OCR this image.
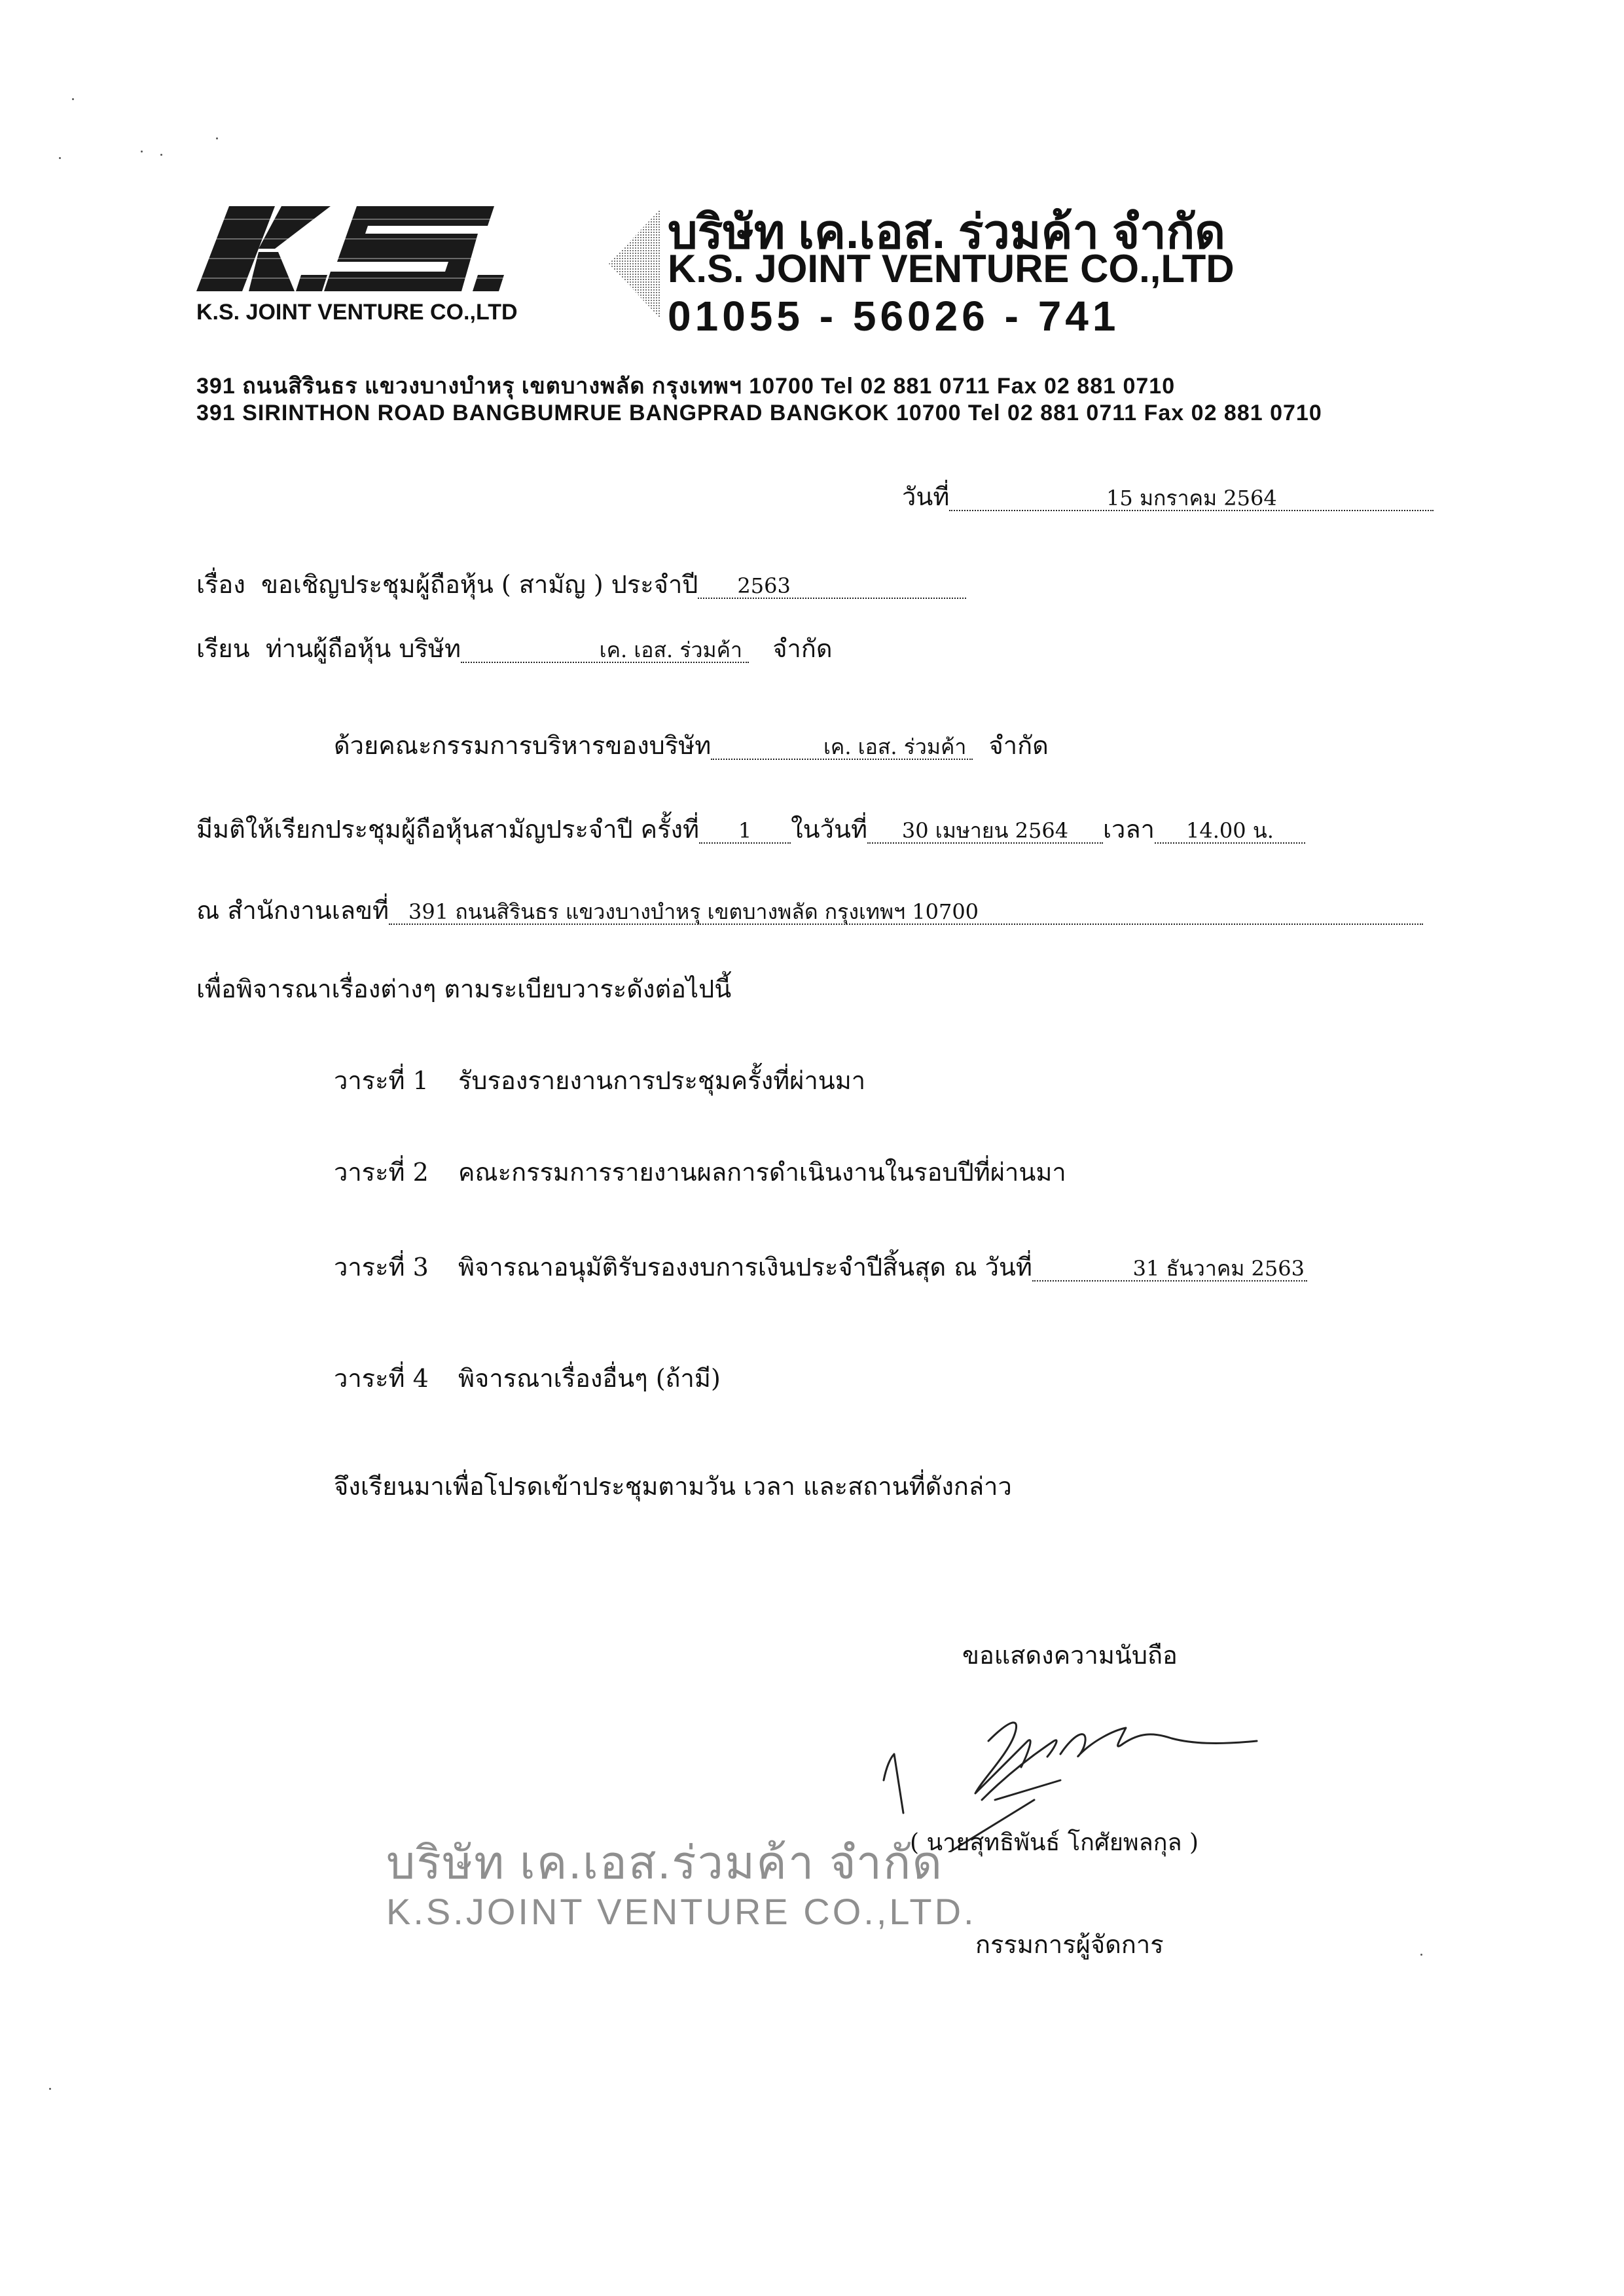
K.S.
K.S. JOINT VENTURE CO.,LTD
บริษัท เค.เอส. ร่วมค้า จำกัด
K.S. JOINT VENTURE CO.,LTD
01055 - 56026 - 741
391 ถนนสิรินธร แขวงบางบำหรุ เขตบางพลัด กรุงเทพฯ 10700 Tel 02 881 0711 Fax 02 881 0710
391 SIRINTHON ROAD BANGBUMRUE BANGPRAD BANGKOK 10700 Tel 02 881 0711 Fax 02 881 0710
วันที่	15 มกราคม 2564
เรื่อง ขอเชิญประชุมผู้ถือหุ้น ( สามัญ ) ประจำปี 2563
เรียน ท่านผู้ถือหุ้น บริษัท	เค. เอส. ร่วมค้า จำกัด
ด้วยคณะกรรมการบริหารของบริษัท	เค. เอส. ร่วมค้า จำกัด
มีมติให้เรียกประชุมผู้ถือหุ้นสามัญประจำปี ครั้งที่ 1 ในวันที่ 30 เมษายน 2564 เวลา 14.00 น.
ณ สำนักงานเลขที่ 391 ถนนสิรินธร แขวงบางบำหรุ เขตบางพลัด กรุงเทพฯ 10700
เพื่อพิจารณาเรื่องต่างๆ ตามระเบียบวาระดังต่อไปนี้
วาระที่ 1 รับรองรายงานการประชุมครั้งที่ผ่านมา
วาระที่ 2 คณะกรรมการรายงานผลการดำเนินงานในรอบปีที่ผ่านมา
วาระที่ 3 พิจารณาอนุมัติรับรองงบการเงินประจำปีสิ้นสุด ณ วันที่	31 ธันวาคม 2563
วาระที่ 4 พิจารณาเรื่องอื่นๆ (ถ้ามี)
จึงเรียนมาเพื่อโปรดเข้าประชุมตามวัน เวลา และสถานที่ดังกล่าว
ขอแสดงความนับถือ
( นายสุทธิพันธ์ โกศัยพลกุล )
กรรมการผู้จัดการ
บริษัท เค.เอส.ร่วมค้า จำกัด
K.S.JOINT VENTURE CO.,LTD.
